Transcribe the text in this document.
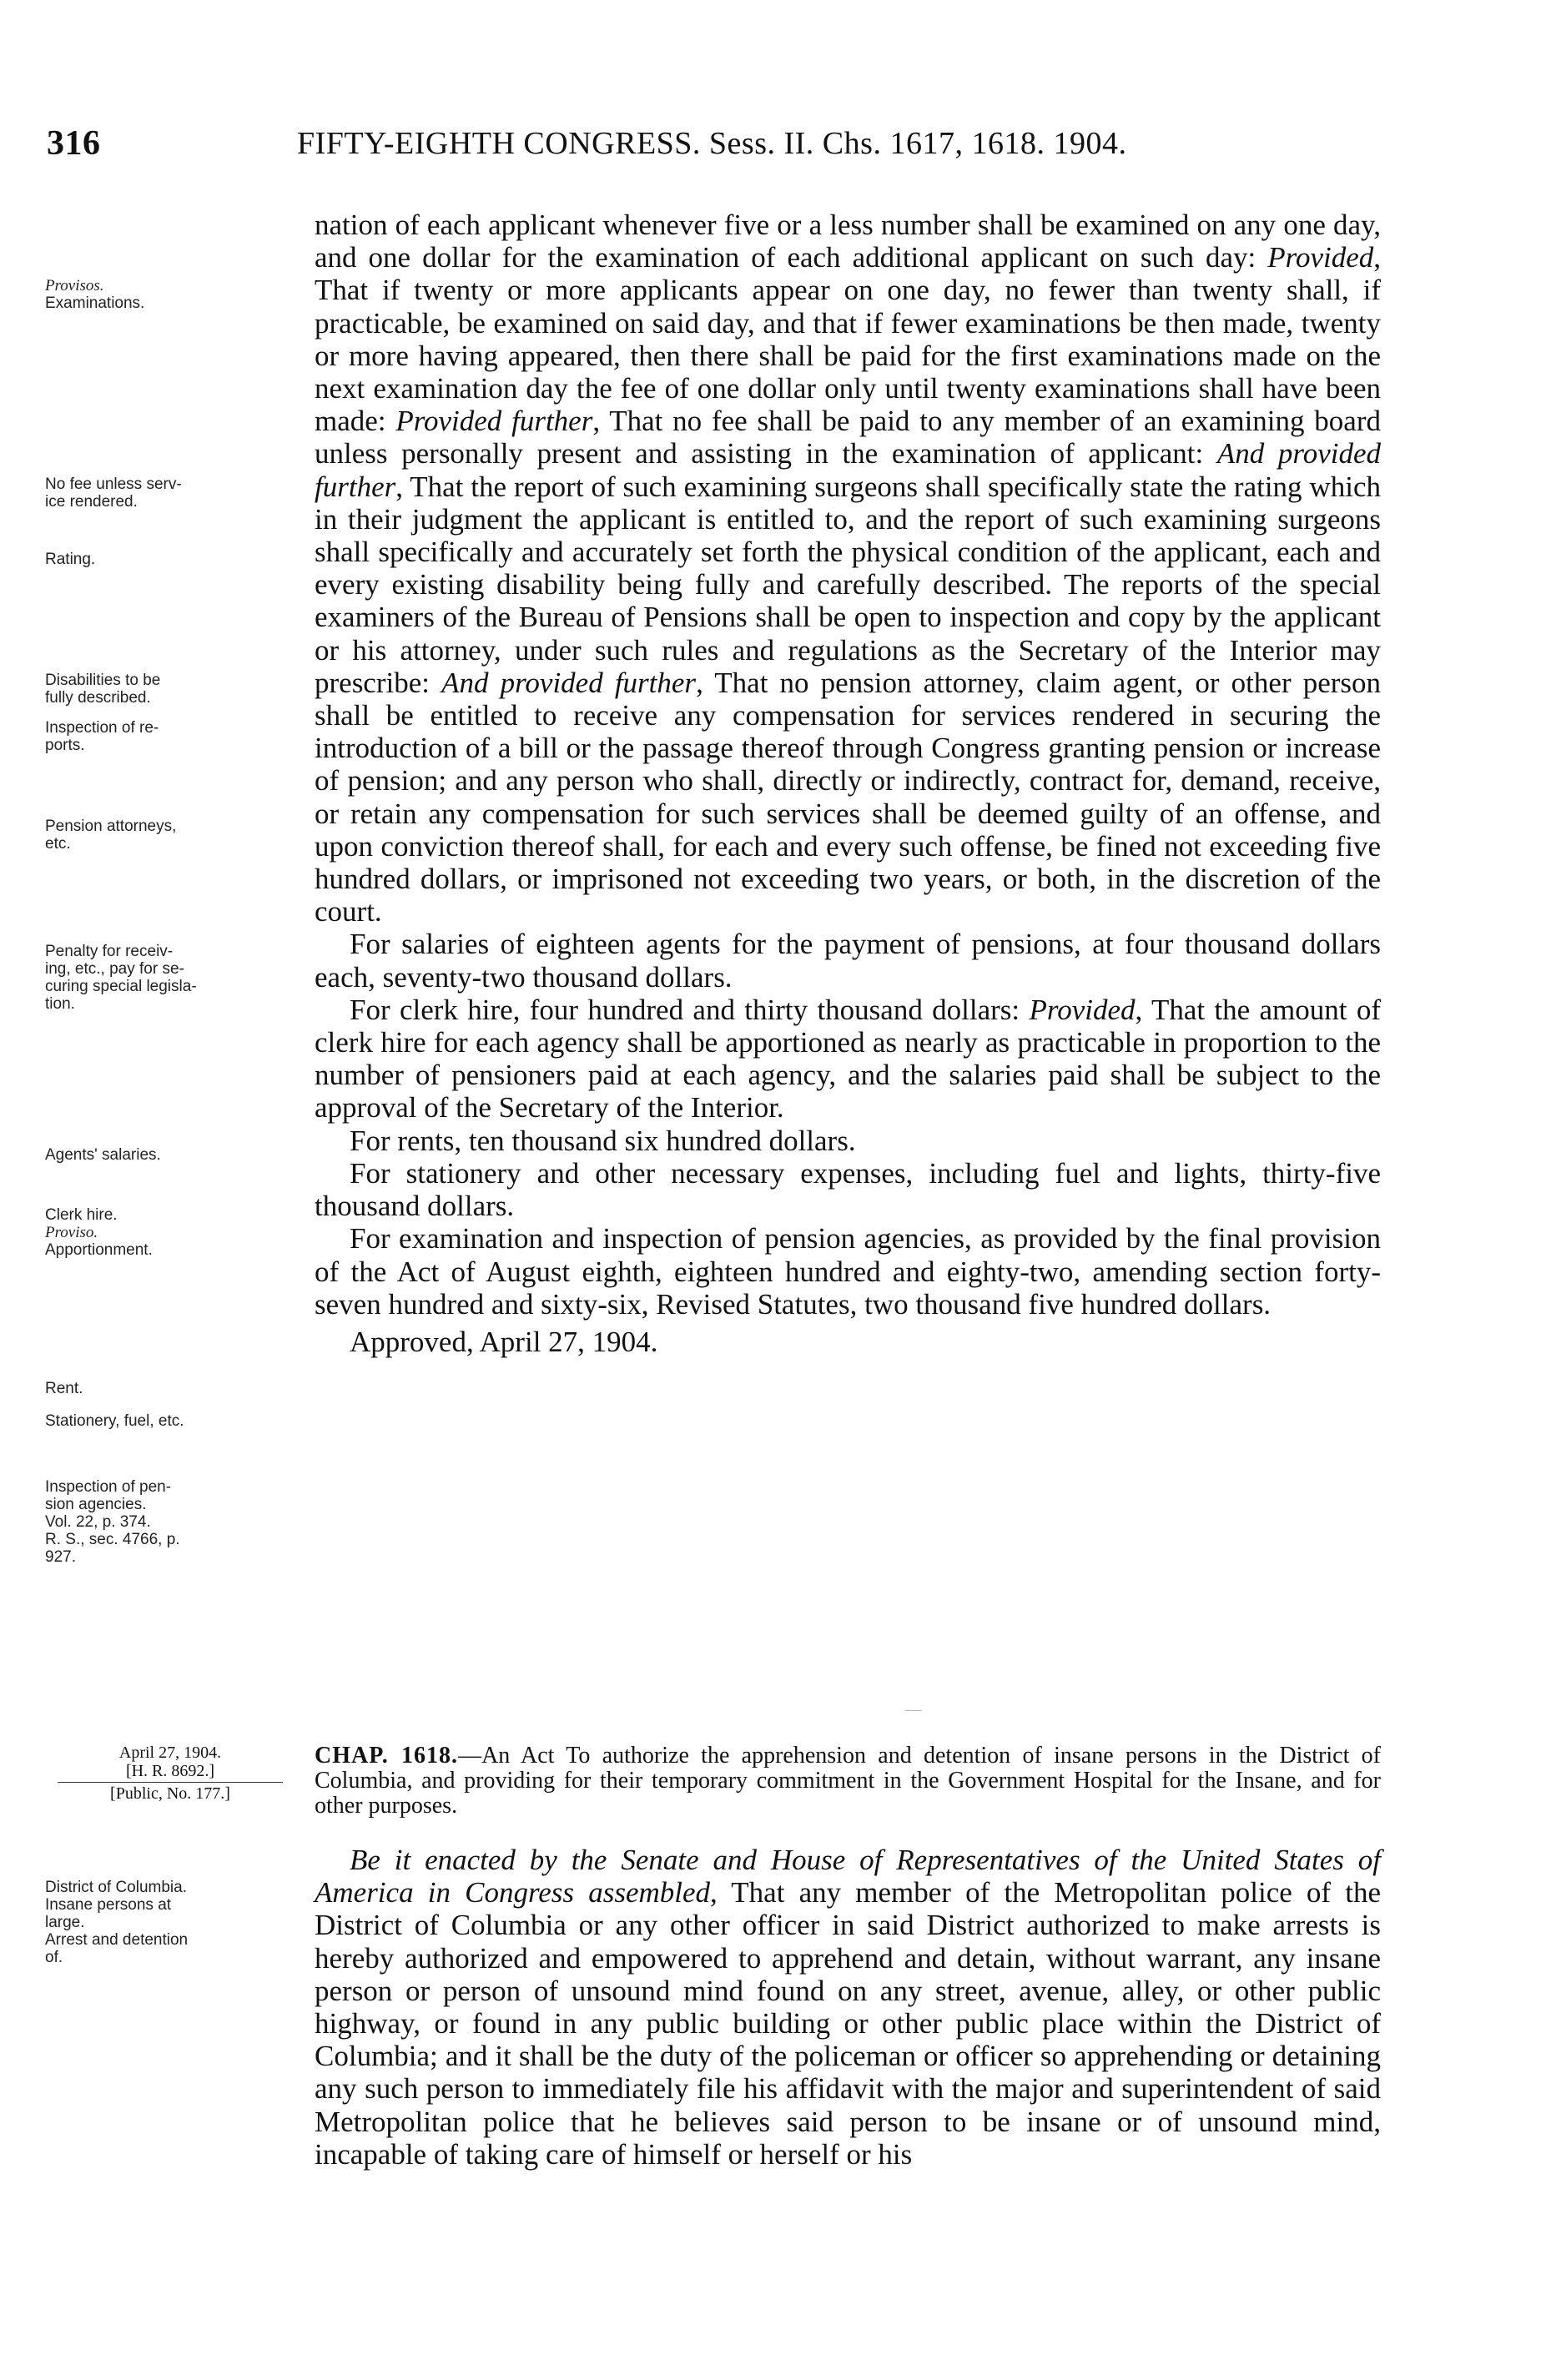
316	FIFTY-EIGHTH CONGRESS. Sess. II. Chs. 1617, 1618. 1904.
Provisos.
Examinations.
No fee unless serv-
ice rendered.
Rating.
Disabilities to be
fully described.
Inspection of re-
ports.
Pension attorneys,
etc.
Penalty for receiv-
ing, etc., pay for se-
curing special legisla-
tion.
Agents' salaries.
Clerk hire.
Proviso.
Apportionment.
Rent.
Stationery, fuel, etc.
Inspection of pen-
sion agencies.
Vol. 22, p. 374.
R. S., sec. 4766, p.
927.

nation of each applicant whenever five or a less number shall be examined on any one day, and one dollar for the examination of each additional applicant on such day: Provided, That if twenty or more applicants appear on one day, no fewer than twenty shall, if practicable, be examined on said day, and that if fewer examinations be then made, twenty or more having appeared, then there shall be paid for the first examinations made on the next examination day the fee of one dollar only until twenty examinations shall have been made: Provided further, That no fee shall be paid to any member of an examining board unless personally present and assisting in the examination of applicant: And provided further, That the report of such examining surgeons shall specifically state the rating which in their judgment the applicant is entitled to, and the report of such examining surgeons shall specifically and accurately set forth the physical condition of the applicant, each and every existing disability being fully and carefully described. The reports of the special examiners of the Bureau of Pensions shall be open to inspection and copy by the applicant or his attorney, under such rules and regulations as the Secretary of the Interior may prescribe: And provided further, That no pension attorney, claim agent, or other person shall be entitled to receive any compensation for services rendered in securing the introduction of a bill or the passage thereof through Congress granting pension or increase of pension; and any person who shall, directly or indirectly, contract for, demand, receive, or retain any compensation for such services shall be deemed guilty of an offense, and upon conviction thereof shall, for each and every such offense, be fined not exceeding five hundred dollars, or imprisoned not exceeding two years, or both, in the discretion of the court.

For salaries of eighteen agents for the payment of pensions, at four thousand dollars each, seventy-two thousand dollars.

For clerk hire, four hundred and thirty thousand dollars: Provided, That the amount of clerk hire for each agency shall be apportioned as nearly as practicable in proportion to the number of pensioners paid at each agency, and the salaries paid shall be subject to the approval of the Secretary of the Interior.

For rents, ten thousand six hundred dollars.

For stationery and other necessary expenses, including fuel and lights, thirty-five thousand dollars.

For examination and inspection of pension agencies, as provided by the final provision of the Act of August eighth, eighteen hundred and eighty-two, amending section forty-seven hundred and sixty-six, Revised Statutes, two thousand five hundred dollars.

Approved, April 27, 1904.

April 27, 1904.
[H. R. 8692.]
[Public, No. 177.]
CHAP. 1618.—An Act To authorize the apprehension and detention of insane persons in the District of Columbia, and providing for their temporary commitment in the Government Hospital for the Insane, and for other purposes.
District of Columbia.
Insane persons at
large.
Arrest and detention
of.

Be it enacted by the Senate and House of Representatives of the United States of America in Congress assembled, That any member of the Metropolitan police of the District of Columbia or any other officer in said District authorized to make arrests is hereby authorized and empowered to apprehend and detain, without warrant, any insane person or person of unsound mind found on any street, avenue, alley, or other public highway, or found in any public building or other public place within the District of Columbia; and it shall be the duty of the policeman or officer so apprehending or detaining any such person to immediately file his affidavit with the major and superintendent of said Metropolitan police that he believes said person to be insane or of unsound mind, incapable of taking care of himself or herself or his
